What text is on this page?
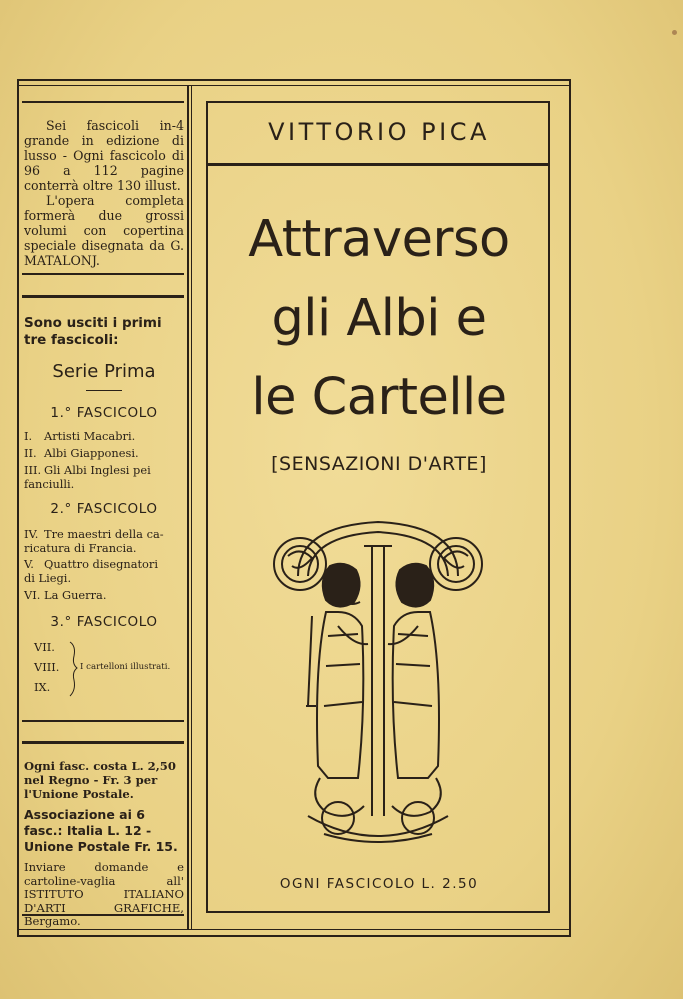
Sei fascicoli in-4 grande in edizione di lusso - Ogni fascicolo di 96 a 112 pagine conterrà oltre 130 illust.

L'opera completa formerà due grossi volumi con copertina speciale disegnata da G. MATALONJ.

Sono usciti i primi tre fascicoli:

Serie Prima

1.° FASCICOLO

I.	Artisti Macabri.
II. Albi Giapponesi.
III. Gli Albi Inglesi pei
fanciulli.

2.° FASCICOLO

IV. Tre maestri della ca-
ricatura di Francia.
V. Quattro disegnatori
di Liegi.
VI. La Guerra.

3.° FASCICOLO

VII.
VIII.
IX.
I cartelloni illustrati.

Ogni fasc. costa L. 2,50 nel Regno - Fr. 3 per l'Unione Postale.

Associazione ai 6 fasc.: Italia L. 12 - Unione Postale Fr. 15.

Inviare domande e cartoline-vaglia all' ISTITUTO ITALIANO D'ARTI GRAFICHE, Bergamo.

VITTORIO PICA

Attraverso
gli Albi e
le Cartelle

[SENSAZIONI D'ARTE]

OGNI FASCICOLO L. 2.50
